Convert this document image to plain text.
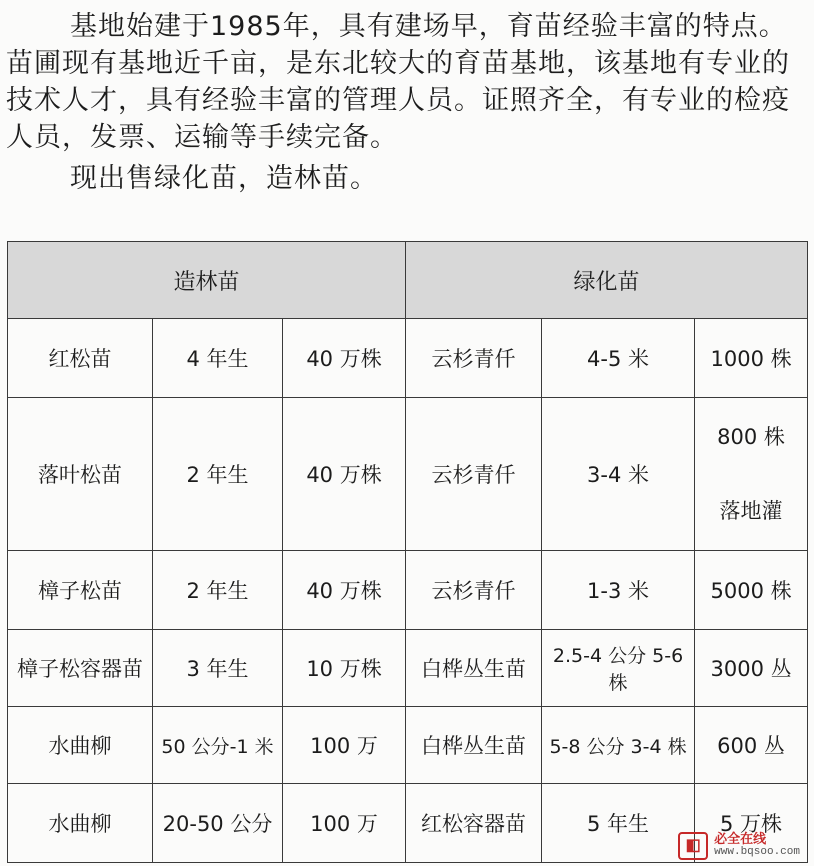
基地始建于1985年，具有建场早，育苗经验丰富的特点。苗圃现有基地近千亩，是东北较大的育苗基地，该基地有专业的技术人才，具有经验丰富的管理人员。证照齐全，有专业的检疫人员，发票、运输等手续完备。

现出售绿化苗，造林苗。

造林苗			绿化苗		
红松苗	4 年生	40 万株	云杉青仟	4-5 米	1000 株
落叶松苗	2 年生	40 万株	云杉青仟	3-4 米	800 株
落地灌

樟子松苗	2 年生	40 万株	云杉青仟	1-3 米	5000 株
樟子松容器苗	3 年生	10 万株	白桦丛生苗	2.5-4 公分 5-6 株	3000 丛
水曲柳	50 公分-1 米	100 万	白桦丛生苗	5-8 公分 3-4 株	600 丛
水曲柳	20-50 公分	100 万	红松容器苗	5 年生	5 万株
◧	必全在线
www.bqsoo.com
